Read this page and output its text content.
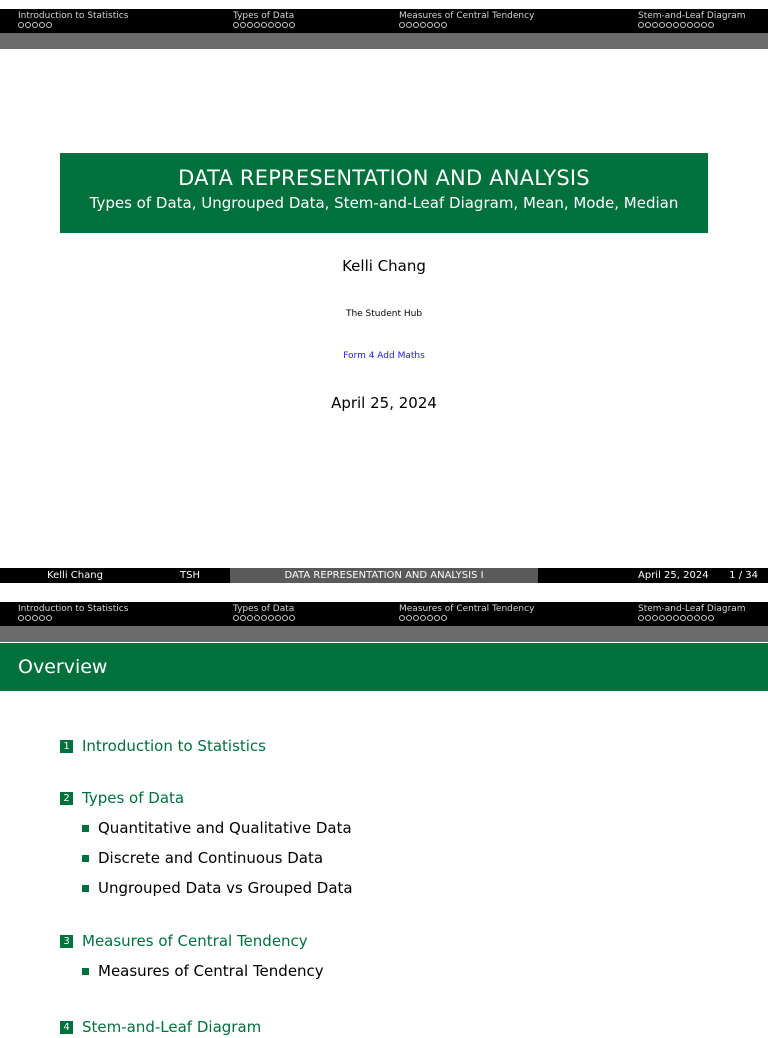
Introduction to Statistics	Types of Data	Measures of Central Tendency	Stem-and-Leaf Diagram
DATA REPRESENTATION AND ANALYSIS
Types of Data, Ungrouped Data, Stem-and-Leaf Diagram, Mean, Mode, Median
Kelli Chang
The Student Hub
Form 4 Add Maths
April 25, 2024
Kelli Chang	TSH	DATA REPRESENTATION AND ANALYSIS I	April 25, 2024 1 / 34
Introduction to Statistics	Types of Data	Measures of Central Tendency	Stem-and-Leaf Diagram
Overview
1 Introduction to Statistics
2 Types of Data
Quantitative and Qualitative Data
Discrete and Continuous Data
Ungrouped Data vs Grouped Data
3 Measures of Central Tendency
Measures of Central Tendency
4 Stem-and-Leaf Diagram
